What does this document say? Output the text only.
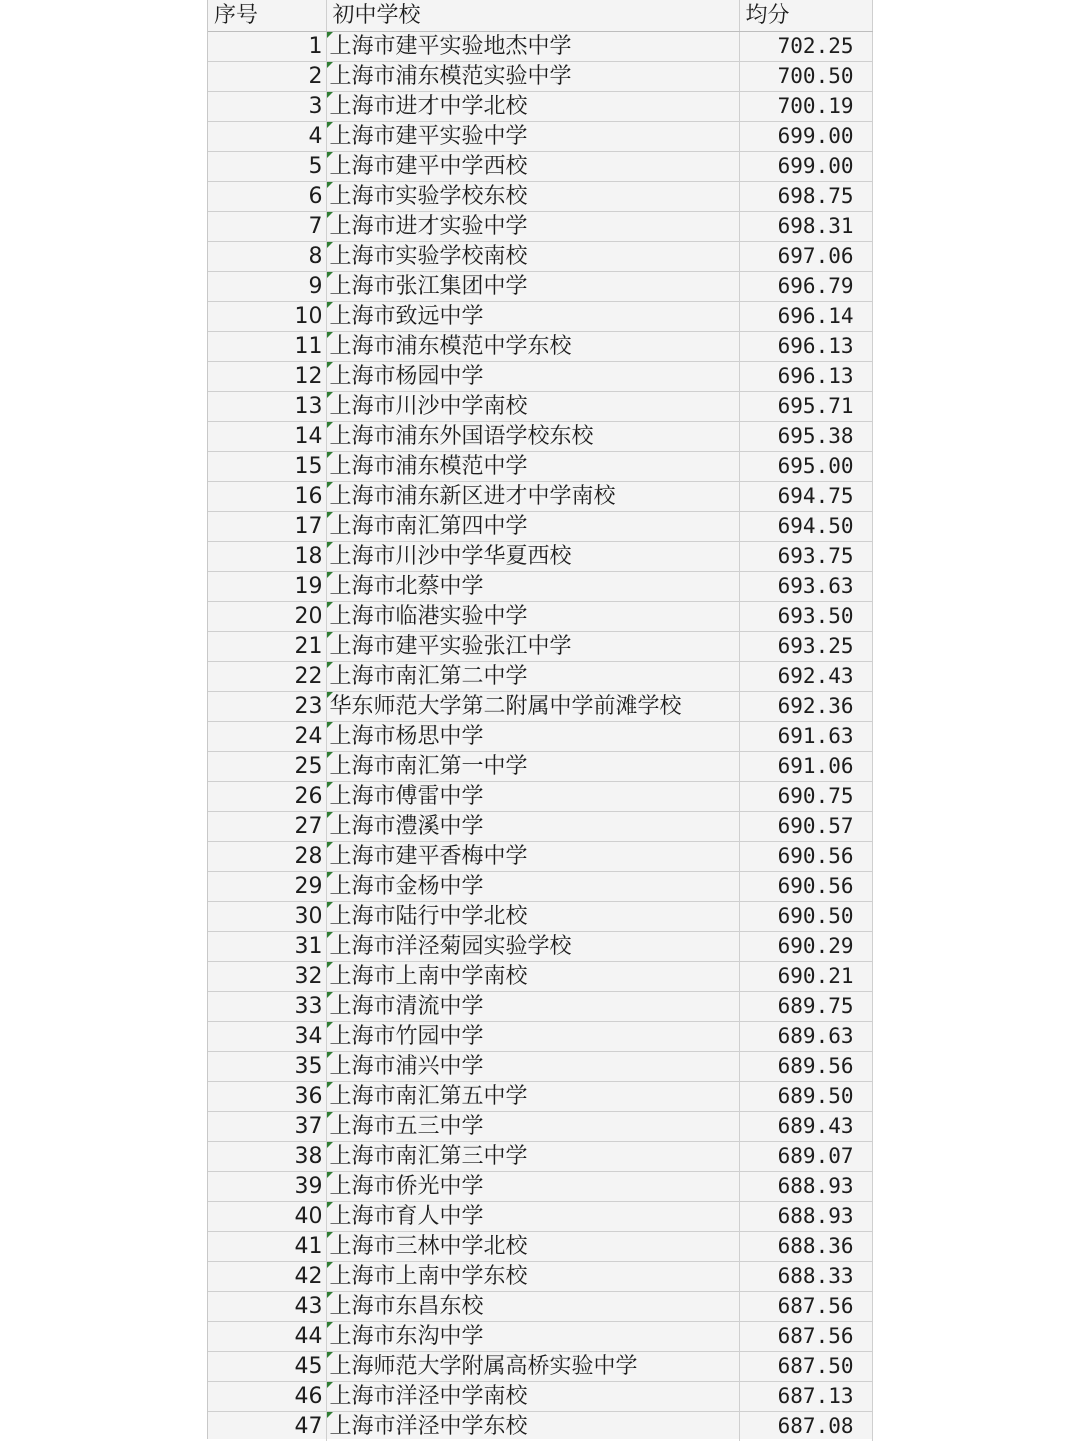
序号	初中学校	均分
1	上海市建平实验地杰中学	702.25
2	上海市浦东模范实验中学	700.50
3	上海市进才中学北校	700.19
4	上海市建平实验中学	699.00
5	上海市建平中学西校	699.00
6	上海市实验学校东校	698.75
7	上海市进才实验中学	698.31
8	上海市实验学校南校	697.06
9	上海市张江集团中学	696.79
10	上海市致远中学	696.14
11	上海市浦东模范中学东校	696.13
12	上海市杨园中学	696.13
13	上海市川沙中学南校	695.71
14	上海市浦东外国语学校东校	695.38
15	上海市浦东模范中学	695.00
16	上海市浦东新区进才中学南校	694.75
17	上海市南汇第四中学	694.50
18	上海市川沙中学华夏西校	693.75
19	上海市北蔡中学	693.63
20	上海市临港实验中学	693.50
21	上海市建平实验张江中学	693.25
22	上海市南汇第二中学	692.43
23	华东师范大学第二附属中学前滩学校	692.36
24	上海市杨思中学	691.63
25	上海市南汇第一中学	691.06
26	上海市傅雷中学	690.75
27	上海市澧溪中学	690.57
28	上海市建平香梅中学	690.56
29	上海市金杨中学	690.56
30	上海市陆行中学北校	690.50
31	上海市洋泾菊园实验学校	690.29
32	上海市上南中学南校	690.21
33	上海市清流中学	689.75
34	上海市竹园中学	689.63
35	上海市浦兴中学	689.56
36	上海市南汇第五中学	689.50
37	上海市五三中学	689.43
38	上海市南汇第三中学	689.07
39	上海市侨光中学	688.93
40	上海市育人中学	688.93
41	上海市三林中学北校	688.36
42	上海市上南中学东校	688.33
43	上海市东昌东校	687.56
44	上海市东沟中学	687.56
45	上海师范大学附属高桥实验中学	687.50
46	上海市洋泾中学南校	687.13
47	上海市洋泾中学东校	687.08
